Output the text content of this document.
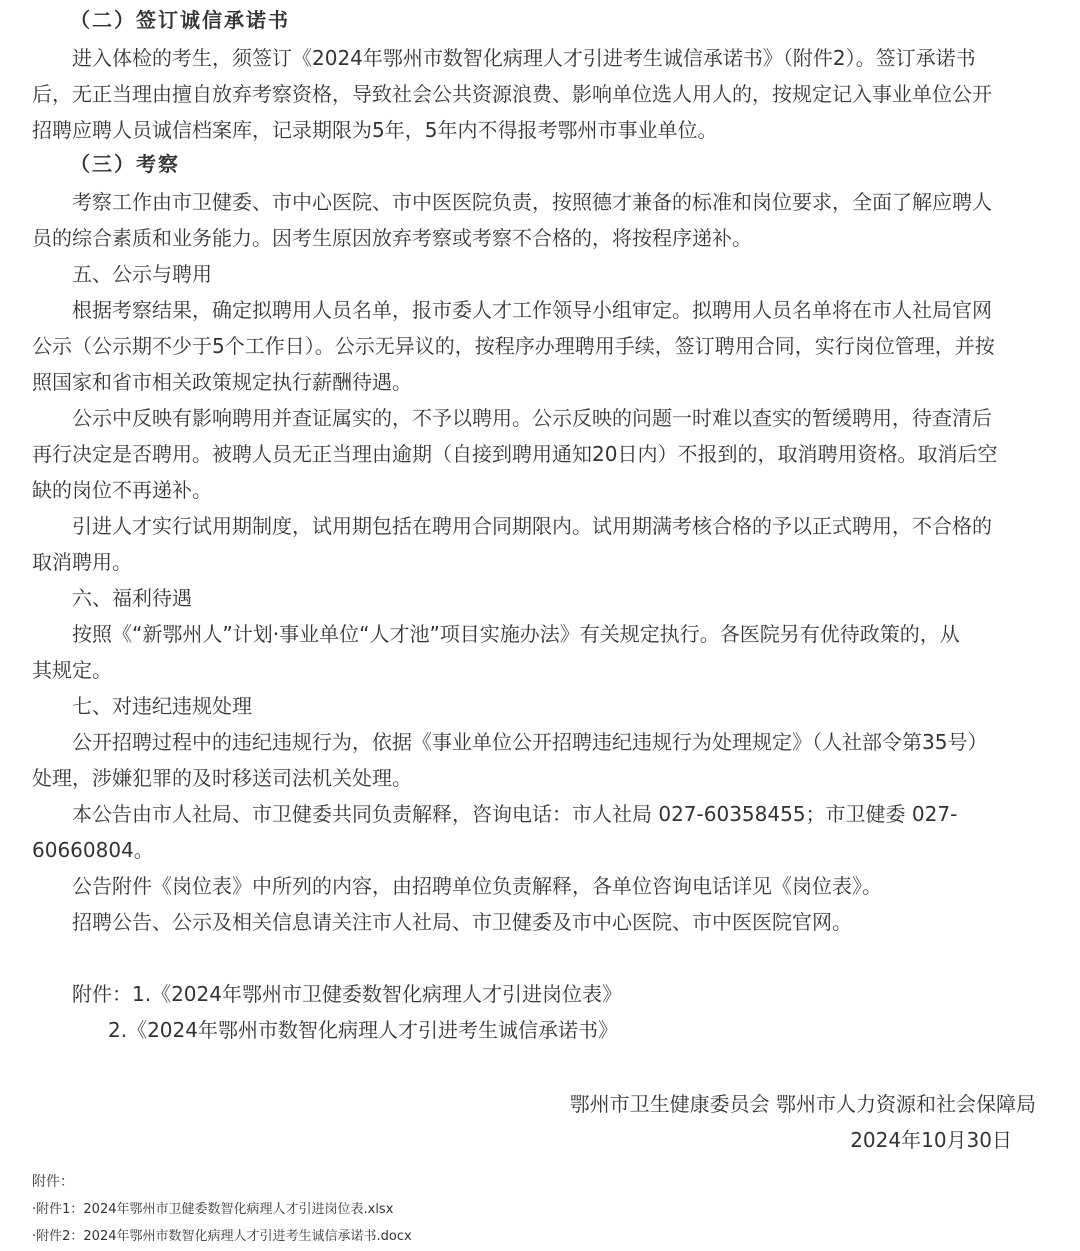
（二）签订诚信承诺书
进入体检的考生，须签订《2024年鄂州市数智化病理人才引进考生诚信承诺书》（附件2）。签订承诺书
后，无正当理由擅自放弃考察资格，导致社会公共资源浪费、影响单位选人用人的，按规定记入事业单位公开
招聘应聘人员诚信档案库，记录期限为5年，5年内不得报考鄂州市事业单位。
（三）考察
考察工作由市卫健委、市中心医院、市中医医院负责，按照德才兼备的标准和岗位要求，全面了解应聘人
员的综合素质和业务能力。因考生原因放弃考察或考察不合格的，将按程序递补。
五、公示与聘用
根据考察结果，确定拟聘用人员名单，报市委人才工作领导小组审定。拟聘用人员名单将在市人社局官网
公示（公示期不少于5个工作日）。公示无异议的，按程序办理聘用手续，签订聘用合同，实行岗位管理，并按
照国家和省市相关政策规定执行薪酬待遇。
公示中反映有影响聘用并查证属实的，不予以聘用。公示反映的问题一时难以查实的暂缓聘用，待查清后
再行决定是否聘用。被聘人员无正当理由逾期（自接到聘用通知20日内）不报到的，取消聘用资格。取消后空
缺的岗位不再递补。
引进人才实行试用期制度，试用期包括在聘用合同期限内。试用期满考核合格的予以正式聘用，不合格的
取消聘用。
六、福利待遇
按照《“新鄂州人”计划·事业单位“人才池”项目实施办法》有关规定执行。各医院另有优待政策的，从
其规定。
七、对违纪违规处理
公开招聘过程中的违纪违规行为，依据《事业单位公开招聘违纪违规行为处理规定》（人社部令第35号）
处理，涉嫌犯罪的及时移送司法机关处理。
本公告由市人社局、市卫健委共同负责解释，咨询电话：市人社局 027-60358455；市卫健委 027-
60660804。
公告附件《岗位表》中所列的内容，由招聘单位负责解释，各单位咨询电话详见《岗位表》。
招聘公告、公示及相关信息请关注市人社局、市卫健委及市中心医院、市中医医院官网。
附件：1.《2024年鄂州市卫健委数智化病理人才引进岗位表》
2.《2024年鄂州市数智化病理人才引进考生诚信承诺书》
鄂州市卫生健康委员会 鄂州市人力资源和社会保障局
2024年10月30日
附件：
·附件1：2024年鄂州市卫健委数智化病理人才引进岗位表.xlsx
·附件2：2024年鄂州市数智化病理人才引进考生诚信承诺书.docx
